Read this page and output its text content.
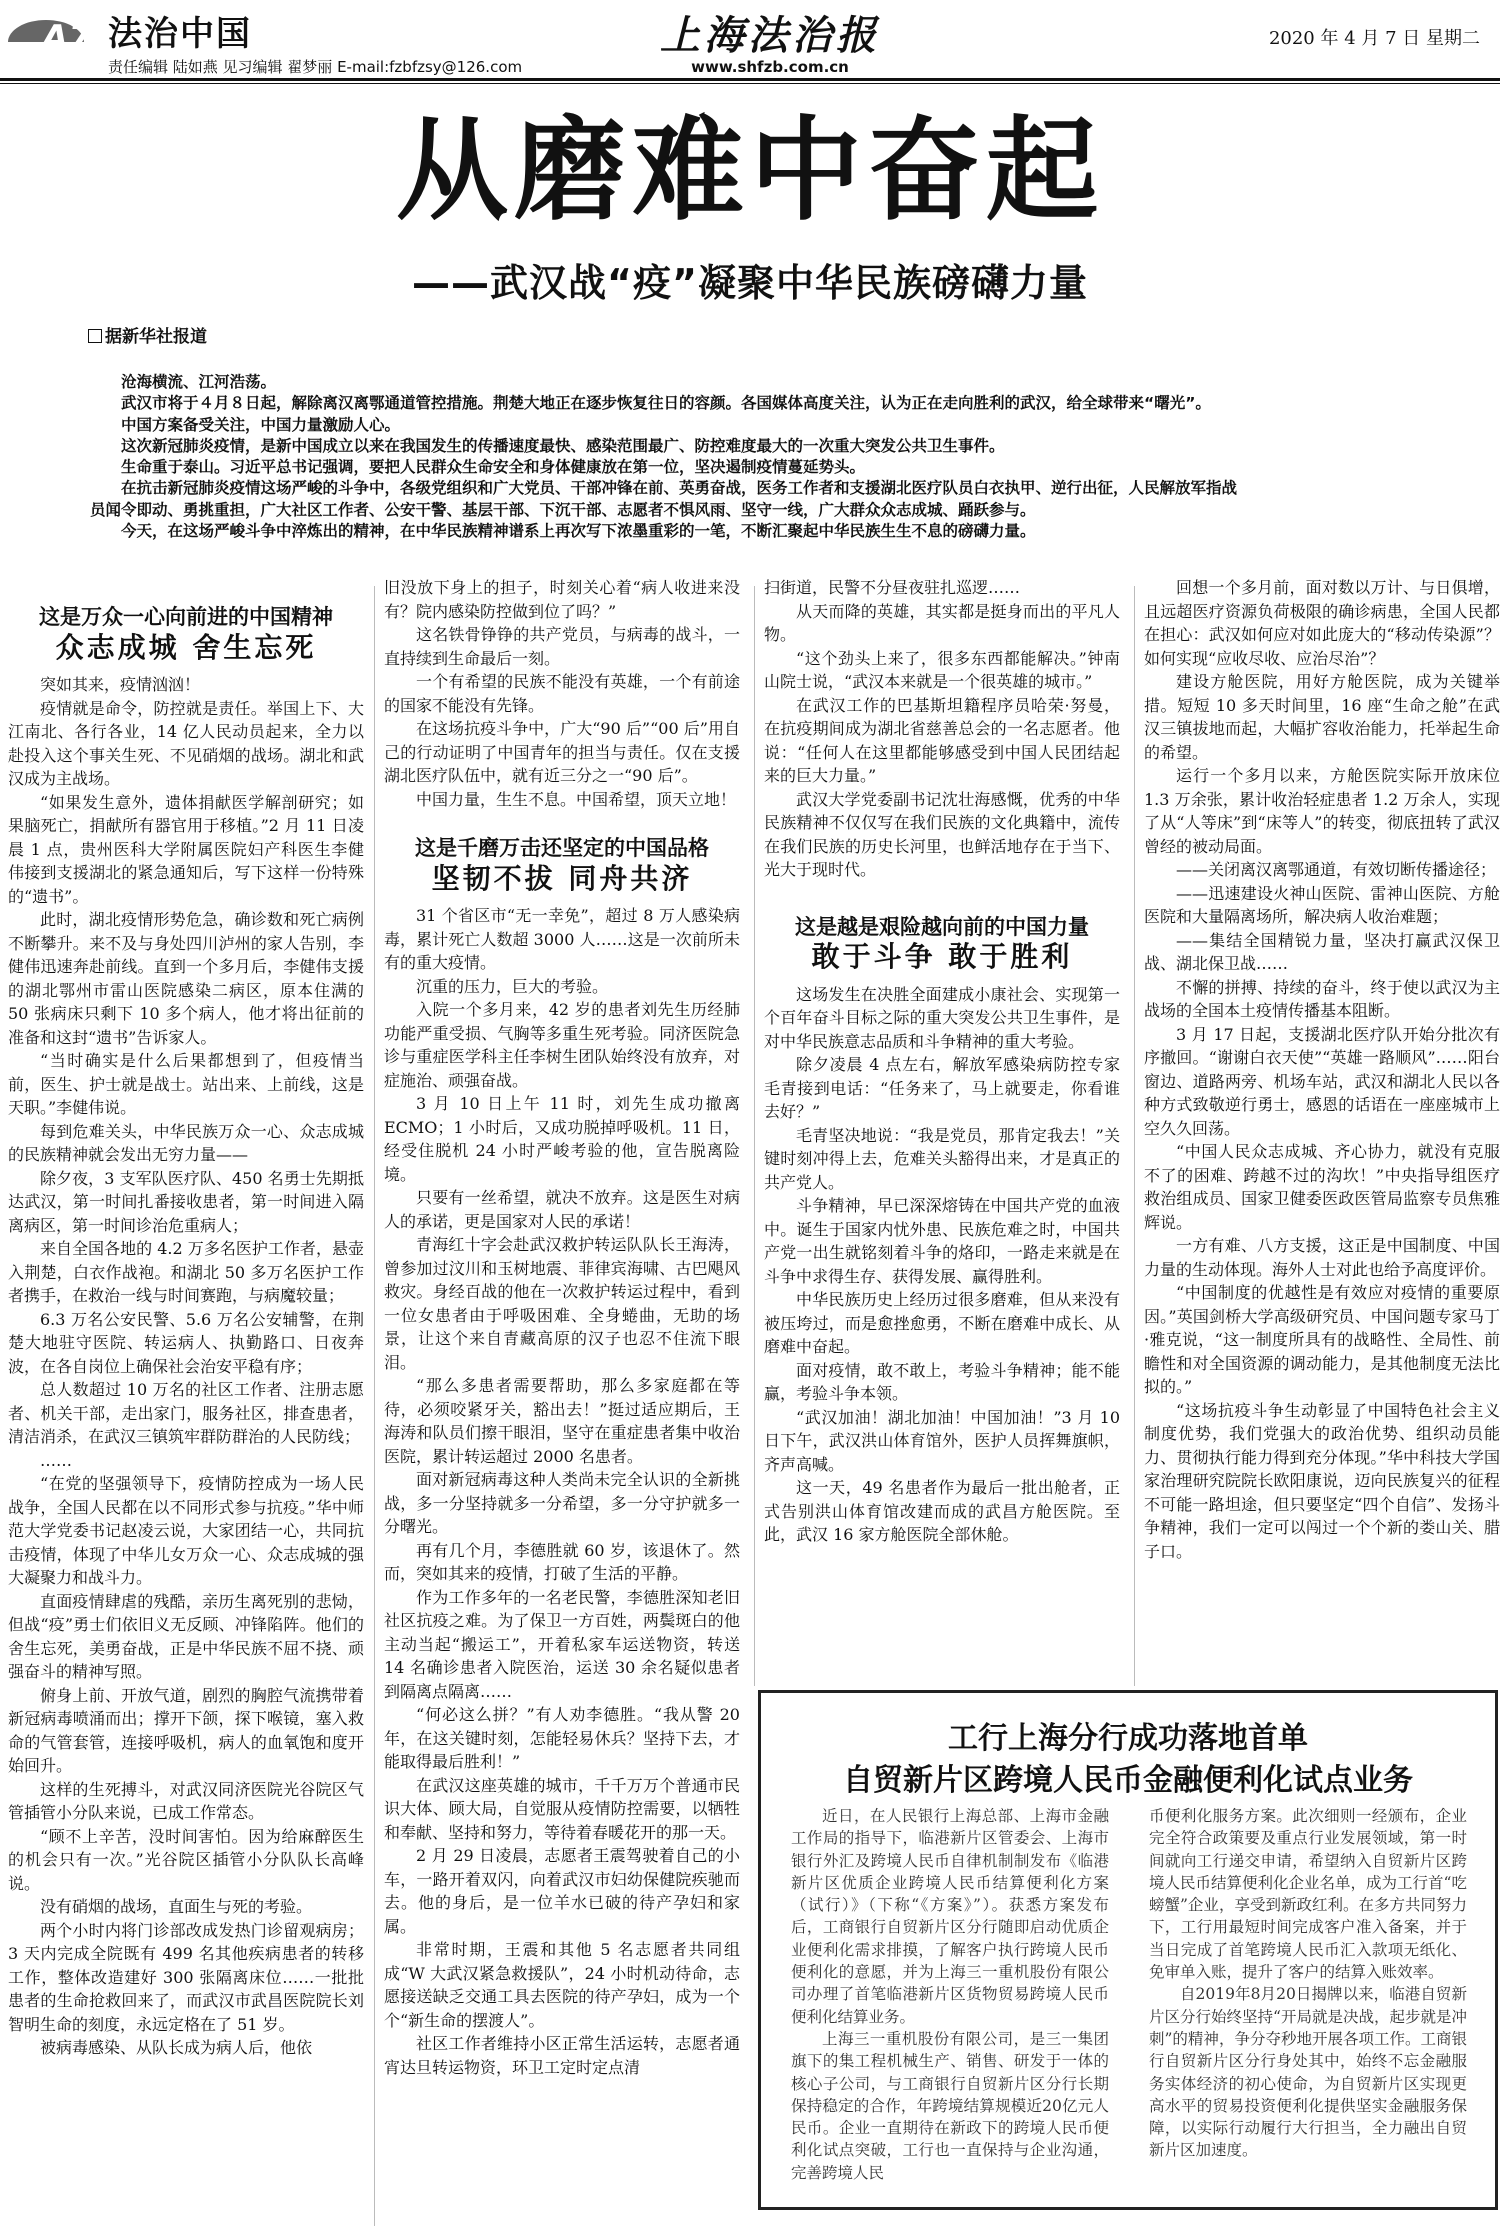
A7 法治中国
责任编辑 陆如燕 见习编辑 翟梦丽 E-mail:fzbfzsy@126.com
上海法治报
www.shfzb.com.cn
2020 年 4 月 7 日 星期二
从磨难中奋起
——武汉战“疫”凝聚中华民族磅礴力量
据新华社报道

沧海横流、江河浩荡。

武汉市将于４月８日起，解除离汉离鄂通道管控措施。荆楚大地正在逐步恢复往日的容颜。各国媒体高度关注，认为正在走向胜利的武汉，给全球带来“曙光”。

中国方案备受关注，中国力量激励人心。

这次新冠肺炎疫情，是新中国成立以来在我国发生的传播速度最快、感染范围最广、防控难度最大的一次重大突发公共卫生事件。

生命重于泰山。习近平总书记强调，要把人民群众生命安全和身体健康放在第一位，坚决遏制疫情蔓延势头。

在抗击新冠肺炎疫情这场严峻的斗争中，各级党组织和广大党员、干部冲锋在前、英勇奋战，医务工作者和支援湖北医疗队员白衣执甲、逆行出征，人民解放军指战

员闻令即动、勇挑重担，广大社区工作者、公安干警、基层干部、下沉干部、志愿者不惧风雨、坚守一线，广大群众众志成城、踊跃参与。

今天，在这场严峻斗争中淬炼出的精神，在中华民族精神谱系上再次写下浓墨重彩的一笔，不断汇聚起中华民族生生不息的磅礴力量。

这是万众一心向前进的中国精神
众志成城 舍生忘死

突如其来，疫情汹汹！

疫情就是命令，防控就是责任。举国上下、大江南北、各行各业，14 亿人民动员起来，全力以赴投入这个事关生死、不见硝烟的战场。湖北和武汉成为主战场。

“如果发生意外，遗体捐献医学解剖研究；如果脑死亡，捐献所有器官用于移植。”2 月 11 日凌晨 1 点，贵州医科大学附属医院妇产科医生李健伟接到支援湖北的紧急通知后，写下这样一份特殊的“遗书”。

此时，湖北疫情形势危急，确诊数和死亡病例不断攀升。来不及与身处四川泸州的家人告别，李健伟迅速奔赴前线。直到一个多月后，李健伟支援的湖北鄂州市雷山医院感染二病区，原本住满的 50 张病床只剩下 10 多个病人，他才将出征前的准备和这封“遗书”告诉家人。

“当时确实是什么后果都想到了，但疫情当前，医生、护士就是战士。站出来、上前线，这是天职。”李健伟说。

每到危难关头，中华民族万众一心、众志成城的民族精神就会发出无穷力量——

除夕夜，3 支军队医疗队、450 名勇士先期抵达武汉，第一时间扎番接收患者，第一时间进入隔离病区，第一时间诊治危重病人；

来自全国各地的 4.2 万多名医护工作者，悬壶入荆楚，白衣作战袍。和湖北 50 多万名医护工作者携手，在救治一线与时间赛跑，与病魔较量；

6.3 万名公安民警、5.6 万名公安辅警，在荆楚大地驻守医院、转运病人、执勤路口、日夜奔波，在各自岗位上确保社会治安平稳有序；

总人数超过 10 万名的社区工作者、注册志愿者、机关干部，走出家门，服务社区，排查患者，清洁消杀，在武汉三镇筑牢群防群治的人民防线；

……

“在党的坚强领导下，疫情防控成为一场人民战争，全国人民都在以不同形式参与抗疫。”华中师范大学党委书记赵凌云说，大家团结一心，共同抗击疫情，体现了中华儿女万众一心、众志成城的强大凝聚力和战斗力。

直面疫情肆虐的残酷，亲历生离死别的悲恸，但战“疫”勇士们依旧义无反顾、冲锋陷阵。他们的舍生忘死，美勇奋战，正是中华民族不屈不挠、顽强奋斗的精神写照。

俯身上前、开放气道，剧烈的胸腔气流携带着新冠病毒喷涌而出；撑开下颌，探下喉镜，塞入救命的气管套管，连接呼吸机，病人的血氧饱和度开始回升。

这样的生死搏斗，对武汉同济医院光谷院区气管插管小分队来说，已成工作常态。

“顾不上辛苦，没时间害怕。因为给麻醉医生的机会只有一次。”光谷院区插管小分队队长高峰说。

没有硝烟的战场，直面生与死的考验。

两个小时内将门诊部改成发热门诊留观病房；3 天内完成全院既有 499 名其他疾病患者的转移工作，整体改造建好 300 张隔离床位……一批批患者的生命抢救回来了，而武汉市武昌医院院长刘智明生命的刻度，永远定格在了 51 岁。

被病毒感染、从队长成为病人后，他依

旧没放下身上的担子，时刻关心着“病人收进来没有？院内感染防控做到位了吗？”

这名铁骨铮铮的共产党员，与病毒的战斗，一直持续到生命最后一刻。

一个有希望的民族不能没有英雄，一个有前途的国家不能没有先锋。

在这场抗疫斗争中，广大“90 后”“00 后”用自己的行动证明了中国青年的担当与责任。仅在支援湖北医疗队伍中，就有近三分之一“90 后”。

中国力量，生生不息。中国希望，顶天立地！

这是千磨万击还坚定的中国品格
坚韧不拔 同舟共济

31 个省区市“无一幸免”，超过 8 万人感染病毒，累计死亡人数超 3000 人……这是一次前所未有的重大疫情。

沉重的压力，巨大的考验。

入院一个多月来，42 岁的患者刘先生历经肺功能严重受损、气胸等多重生死考验。同济医院急诊与重症医学科主任李树生团队始终没有放弃，对症施治、顽强奋战。

3 月 10 日上午 11 时，刘先生成功撤离 ECMO；1 小时后，又成功脱掉呼吸机。11 日，经受住脱机 24 小时严峻考验的他，宣告脱离险境。

只要有一丝希望，就决不放弃。这是医生对病人的承诺，更是国家对人民的承诺！

青海红十字会赴武汉救护转运队队长王海涛，曾参加过汶川和玉树地震、菲律宾海啸、古巴飓风救灾。身经百战的他在一次救护转运过程中，看到一位女患者由于呼吸困难、全身蜷曲，无助的场景，让这个来自青藏高原的汉子也忍不住流下眼泪。

“那么多患者需要帮助，那么多家庭都在等待，必须咬紧牙关，豁出去！”挺过适应期后，王海涛和队员们擦干眼泪，坚守在重症患者集中收治医院，累计转运超过 2000 名患者。

面对新冠病毒这种人类尚未完全认识的全新挑战，多一分坚持就多一分希望，多一分守护就多一分曙光。

再有几个月，李德胜就 60 岁，该退休了。然而，突如其来的疫情，打破了生活的平静。

作为工作多年的一名老民警，李德胜深知老旧社区抗疫之难。为了保卫一方百姓，两鬓斑白的他主动当起“搬运工”，开着私家车运送物资，转送 14 名确诊患者入院医治，运送 30 余名疑似患者到隔离点隔离……

“何必这么拼？”有人劝李德胜。“我从警 20 年，在这关键时刻，怎能轻易休兵？坚持下去，才能取得最后胜利！”

在武汉这座英雄的城市，千千万万个普通市民识大体、顾大局，自觉服从疫情防控需要，以牺牲和奉献、坚持和努力，等待着春暖花开的那一天。

2 月 29 日凌晨，志愿者王震驾驶着自己的小车，一路开着双闪，向着武汉市妇幼保健院疾驰而去。他的身后，是一位羊水已破的待产孕妇和家属。

非常时期，王震和其他 5 名志愿者共同组成“W 大武汉紧急救援队”，24 小时机动待命，志愿接送缺乏交通工具去医院的待产孕妇，成为一个个“新生命的摆渡人”。

社区工作者维持小区正常生活运转，志愿者通宵达旦转运物资，环卫工定时定点清

扫街道，民警不分昼夜驻扎巡逻……

从天而降的英雄，其实都是挺身而出的平凡人物。

“这个劲头上来了，很多东西都能解决。”钟南山院士说，“武汉本来就是一个很英雄的城市。”

在武汉工作的巴基斯坦籍程序员哈荣·努曼，在抗疫期间成为湖北省慈善总会的一名志愿者。他说：“任何人在这里都能够感受到中国人民团结起来的巨大力量。”

武汉大学党委副书记沈壮海感慨，优秀的中华民族精神不仅仅写在我们民族的文化典籍中，流传在我们民族的历史长河里，也鲜活地存在于当下、光大于现时代。

这是越是艰险越向前的中国力量
敢于斗争 敢于胜利

这场发生在决胜全面建成小康社会、实现第一个百年奋斗目标之际的重大突发公共卫生事件，是对中华民族意志品质和斗争精神的重大考验。

除夕凌晨 4 点左右，解放军感染病防控专家毛青接到电话：“任务来了，马上就要走，你看谁去好？”

毛青坚决地说：“我是党员，那肯定我去！”关键时刻冲得上去，危难关头豁得出来，才是真正的共产党人。

斗争精神，早已深深熔铸在中国共产党的血液中。诞生于国家内忧外患、民族危难之时，中国共产党一出生就铭刻着斗争的烙印，一路走来就是在斗争中求得生存、获得发展、赢得胜利。

中华民族历史上经历过很多磨难，但从来没有被压垮过，而是愈挫愈勇，不断在磨难中成长、从磨难中奋起。

面对疫情，敢不敢上，考验斗争精神；能不能赢，考验斗争本领。

“武汉加油！湖北加油！中国加油！”3 月 10 日下午，武汉洪山体育馆外，医护人员挥舞旗帜，齐声高喊。

这一天，49 名患者作为最后一批出舱者，正式告别洪山体育馆改建而成的武昌方舱医院。至此，武汉 16 家方舱医院全部休舱。

回想一个多月前，面对数以万计、与日俱增，且远超医疗资源负荷极限的确诊病患，全国人民都在担心：武汉如何应对如此庞大的“移动传染源”？如何实现“应收尽收、应治尽治”？

建设方舱医院，用好方舱医院，成为关键举措。短短 10 多天时间里，16 座“生命之舱”在武汉三镇拔地而起，大幅扩容收治能力，托举起生命的希望。

运行一个多月以来，方舱医院实际开放床位 1.3 万余张，累计收治轻症患者 1.2 万余人，实现了从“人等床”到“床等人”的转变，彻底扭转了武汉曾经的被动局面。

——关闭离汉离鄂通道，有效切断传播途径；

——迅速建设火神山医院、雷神山医院、方舱医院和大量隔离场所，解决病人收治难题；

——集结全国精锐力量，坚决打赢武汉保卫战、湖北保卫战……

不懈的拼搏、持续的奋斗，终于使以武汉为主战场的全国本土疫情传播基本阻断。

3 月 17 日起，支援湖北医疗队开始分批次有序撤回。“谢谢白衣天使”“英雄一路顺风”……阳台窗边、道路两旁、机场车站，武汉和湖北人民以各种方式致敬逆行勇士，感恩的话语在一座座城市上空久久回荡。

“中国人民众志成城、齐心协力，就没有克服不了的困难、跨越不过的沟坎！”中央指导组医疗救治组成员、国家卫健委医政医管局监察专员焦雅辉说。

一方有难、八方支援，这正是中国制度、中国力量的生动体现。海外人士对此也给予高度评价。

“中国制度的优越性是有效应对疫情的重要原因。”英国剑桥大学高级研究员、中国问题专家马丁·雅克说，“这一制度所具有的战略性、全局性、前瞻性和对全国资源的调动能力，是其他制度无法比拟的。”

“这场抗疫斗争生动彰显了中国特色社会主义制度优势，我们党强大的政治优势、组织动员能力、贯彻执行能力得到充分体现。”华中科技大学国家治理研究院院长欧阳康说，迈向民族复兴的征程不可能一路坦途，但只要坚定“四个自信”、发扬斗争精神，我们一定可以闯过一个个新的娄山关、腊子口。

工行上海分行成功落地首单
自贸新片区跨境人民币金融便利化试点业务

近日，在人民银行上海总部、上海市金融工作局的指导下，临港新片区管委会、上海市银行外汇及跨境人民币自律机制制发布《临港新片区优质企业跨境人民币结算便利化方案（试行）》（下称“《方案》”）。获悉方案发布后，工商银行自贸新片区分行随即启动优质企业便利化需求排摸，了解客户执行跨境人民币便利化的意愿，并为上海三一重机股份有限公司办理了首笔临港新片区货物贸易跨境人民币便利化结算业务。

上海三一重机股份有限公司，是三一集团旗下的集工程机械生产、销售、研发于一体的核心子公司，与工商银行自贸新片区分行长期保持稳定的合作，年跨境结算规模近20亿元人民币。企业一直期待在新政下的跨境人民币便利化试点突破，工行也一直保持与企业沟通，完善跨境人民

币便利化服务方案。此次细则一经颁布，企业完全符合政策要及重点行业发展领域，第一时间就向工行递交申请，希望纳入自贸新片区跨境人民币结算便利化企业名单，成为工行首“吃螃蟹”企业，享受到新政红利。在多方共同努力下，工行用最短时间完成客户准入备案，并于当日完成了首笔跨境人民币汇入款项无纸化、免审单入账，提升了客户的结算入账效率。

自2019年8月20日揭牌以来，临港自贸新片区分行始终坚持“开局就是决战，起步就是冲刺”的精神，争分夺秒地开展各项工作。工商银行自贸新片区分行身处其中，始终不忘金融服务实体经济的初心使命，为自贸新片区实现更高水平的贸易投资便利化提供坚实金融服务保障，以实际行动履行大行担当，全力融出自贸新片区加速度。
